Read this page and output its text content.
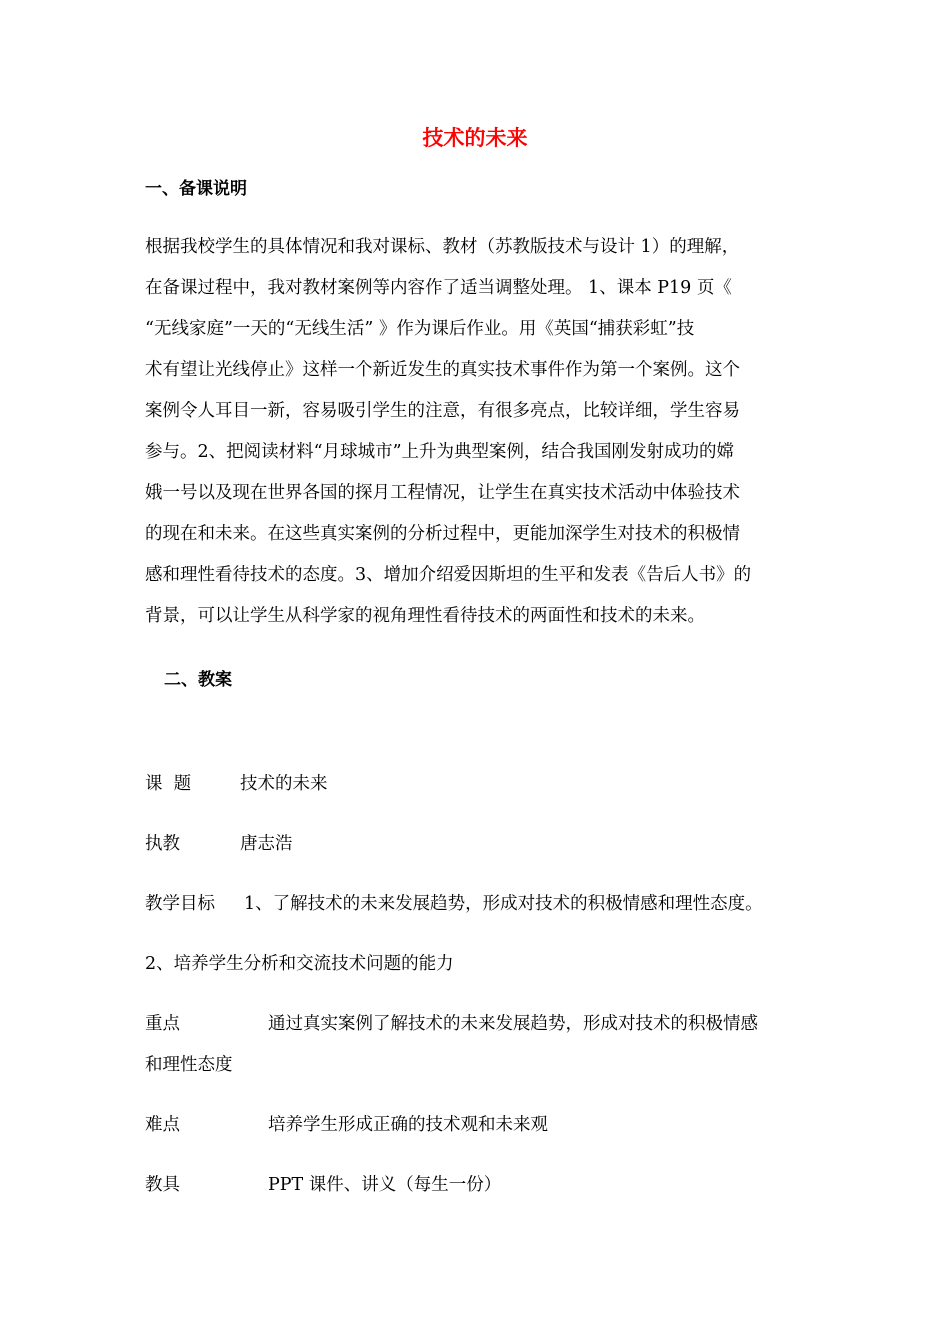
技术的未来
一、备课说明
根据我校学生的具体情况和我对课标、教材（苏教版技术与设计 1）的理解，
在备课过程中，我对教材案例等内容作了适当调整处理。 1、课本 P19 页《
“无线家庭”一天的“无线生活” 》作为课后作业。用《英国“捕获彩虹”技
术有望让光线停止》这样一个新近发生的真实技术事件作为第一个案例。这个
案例令人耳目一新，容易吸引学生的注意，有很多亮点，比较详细，学生容易
参与。2、把阅读材料“月球城市”上升为典型案例，结合我国刚发射成功的嫦
娥一号以及现在世界各国的探月工程情况，让学生在真实技术活动中体验技术
的现在和未来。在这些真实案例的分析过程中，更能加深学生对技术的积极情
感和理性看待技术的态度。3、增加介绍爱因斯坦的生平和发表《告后人书》的
背景，可以让学生从科学家的视角理性看待技术的两面性和技术的未来。
二、教案
课  题	技术的未来
执教	唐志浩
教学目标 1、了解技术的未来发展趋势，形成对技术的积极情感和理性态度。
2、培养学生分析和交流技术问题的能力
重点	通过真实案例了解技术的未来发展趋势，形成对技术的积极情感
和理性态度
难点	培养学生形成正确的技术观和未来观
教具	PPT 课件、讲义（每生一份）
